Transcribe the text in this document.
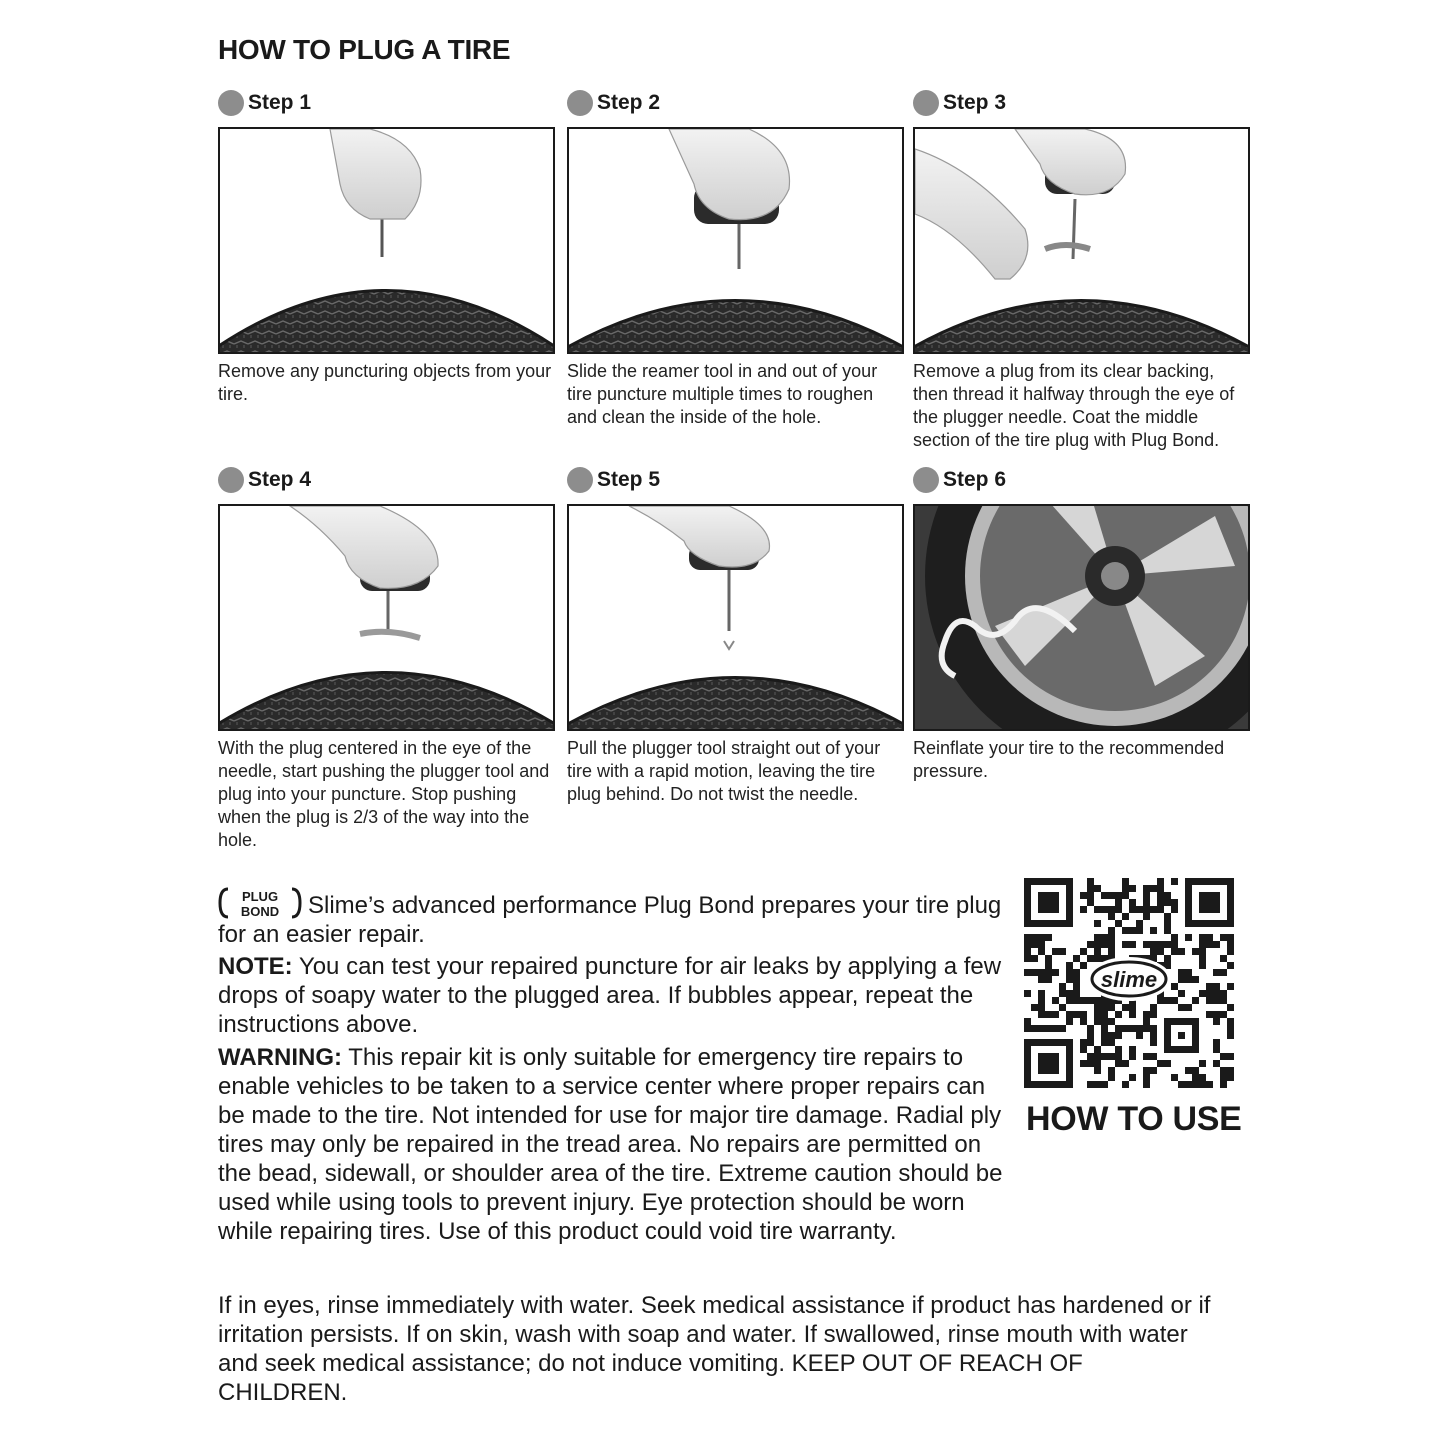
HOW TO PLUG A TIRE
Step 1
Remove any puncturing objects from your tire.
Step 2
Slide the reamer tool in and out of your tire puncture multiple times to roughen and clean the inside of the hole.
Step 3
Remove a plug from its clear backing, then thread it halfway through the eye of the plugger needle. Coat the middle section of the tire plug with Plug Bond.
Step 4
With the plug centered in the eye of the needle, start pushing the plugger tool and plug into your puncture. Stop pushing when the plug is 2/3 of the way into the hole.
Step 5
Pull the plugger tool straight out of your tire with a rapid motion, leaving the tire plug behind. Do not twist the needle.
Step 6
Reinflate your tire to the recommended pressure.
PLUG
BOND Slime’s advanced performance Plug Bond prepares your tire plug for an easier repair.
NOTE: You can test your repaired puncture for air leaks by applying a few drops of soapy water to the plugged area. If bubbles appear, repeat the instructions above.
WARNING: This repair kit is only suitable for emergency tire repairs to enable vehicles to be taken to a service center where proper repairs can be made to the tire. Not intended for use for major tire damage. Radial ply tires may only be repaired in the tread area. No repairs are permitted on the bead, sidewall, or shoulder area of the tire. Extreme caution should be used while using tools to prevent injury. Eye protection should be worn while repairing tires. Use of this product could void tire warranty.
slime
HOW TO USE
If in eyes, rinse immediately with water. Seek medical assistance if product has hardened or if irritation persists. If on skin, wash with soap and water. If swallowed, rinse mouth with water and seek medical assistance; do not induce vomiting. KEEP OUT OF REACH OF CHILDREN.
